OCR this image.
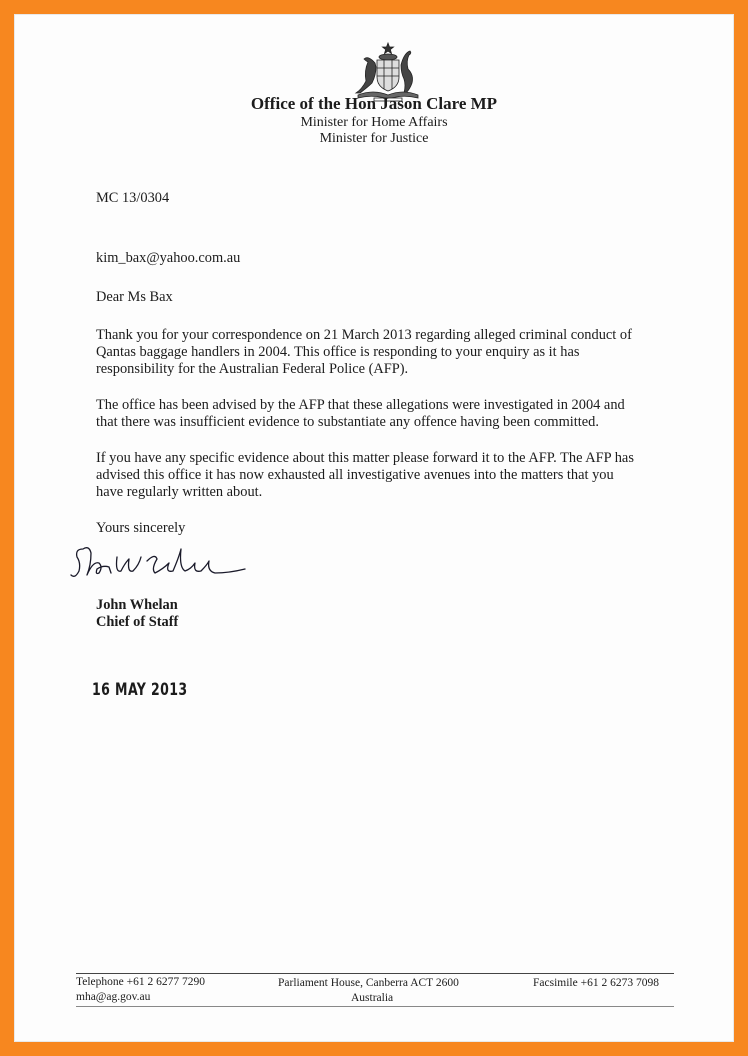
Office of the Hon Jason Clare MP
Minister for Home Affairs
Minister for Justice
MC 13/0304
kim_bax@yahoo.com.au
Dear Ms Bax
Thank you for your correspondence on 21 March 2013 regarding alleged criminal conduct of
Qantas baggage handlers in 2004. This office is responding to your enquiry as it has
responsibility for the Australian Federal Police (AFP).
The office has been advised by the AFP that these allegations were investigated in 2004 and
that there was insufficient evidence to substantiate any offence having been committed.
If you have any specific evidence about this matter please forward it to the AFP. The AFP has
advised this office it has now exhausted all investigative avenues into the matters that you
have regularly written about.
Yours sincerely
John Whelan
Chief of Staff
16 MAY 2013
Telephone +61 2 6277 7290
mha@ag.gov.au
Parliament House, Canberra ACT 2600
Australia
Facsimile +61 2 6273 7098
